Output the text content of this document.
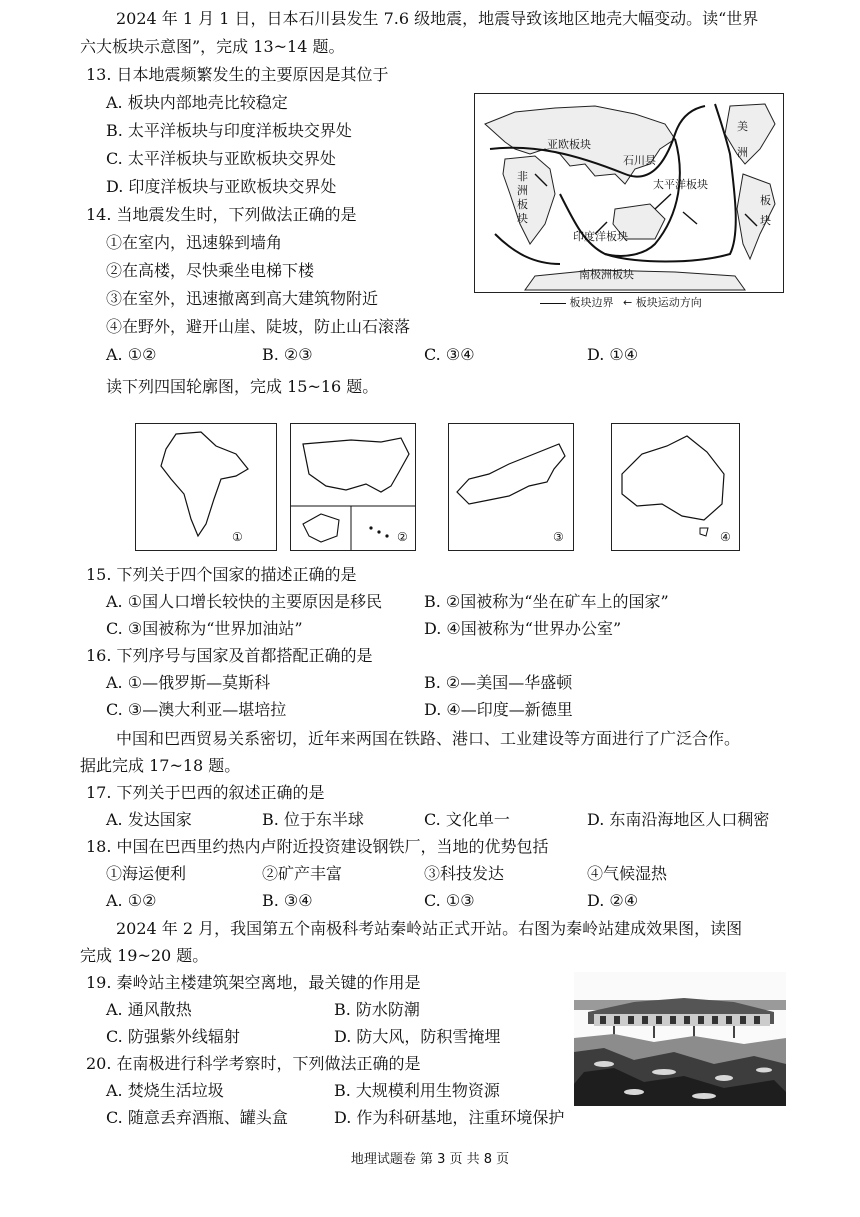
2024 年 1 月 1 日，日本石川县发生 7.6 级地震，地震导致该地区地壳大幅变动。读“世界
六大板块示意图”，完成 13~14 题。
13. 日本地震频繁发生的主要原因是其位于
A. 板块内部地壳比较稳定
B. 太平洋板块与印度洋板块交界处
C. 太平洋板块与亚欧板块交界处
D. 印度洋板块与亚欧板块交界处
14. 当地震发生时，下列做法正确的是
①在室内，迅速躲到墙角
②在高楼，尽快乘坐电梯下楼
③在室外，迅速撤离到高大建筑物附近
④在野外，避开山崖、陡坡，防止山石滚落
A. ①②	B. ②③	C. ③④	D. ①④
亚欧板块
美
洲
板
块
非
洲
板
块
石川县
太平洋板块
印度洋板块
南极洲板块
板块边界 ← 板块运动方向
读下列四国轮廓图，完成 15~16 题。
①	②	③	④
15. 下列关于四个国家的描述正确的是
A. ①国人口增长较快的主要原因是移民	B. ②国被称为“坐在矿车上的国家”
C. ③国被称为“世界加油站”	D. ④国被称为“世界办公室”
16. 下列序号与国家及首都搭配正确的是
A. ①—俄罗斯—莫斯科	B. ②—美国—华盛顿
C. ③—澳大利亚—堪培拉	D. ④—印度—新德里
中国和巴西贸易关系密切，近年来两国在铁路、港口、工业建设等方面进行了广泛合作。
据此完成 17~18 题。
17. 下列关于巴西的叙述正确的是
A. 发达国家	B. 位于东半球	C. 文化单一	D. 东南沿海地区人口稠密
18. 中国在巴西里约热内卢附近投资建设钢铁厂，当地的优势包括
①海运便利	②矿产丰富	③科技发达	④气候湿热
A. ①②	B. ③④	C. ①③	D. ②④
2024 年 2 月，我国第五个南极科考站秦岭站正式开站。右图为秦岭站建成效果图，读图
完成 19~20 题。
19. 秦岭站主楼建筑架空离地，最关键的作用是
A. 通风散热	B. 防水防潮
C. 防强紫外线辐射	D. 防大风，防积雪掩埋
20. 在南极进行科学考察时，下列做法正确的是
A. 焚烧生活垃圾	B. 大规模利用生物资源
C. 随意丢弃酒瓶、罐头盒	D. 作为科研基地，注重环境保护
地理试题卷 第 3 页 共 8 页
